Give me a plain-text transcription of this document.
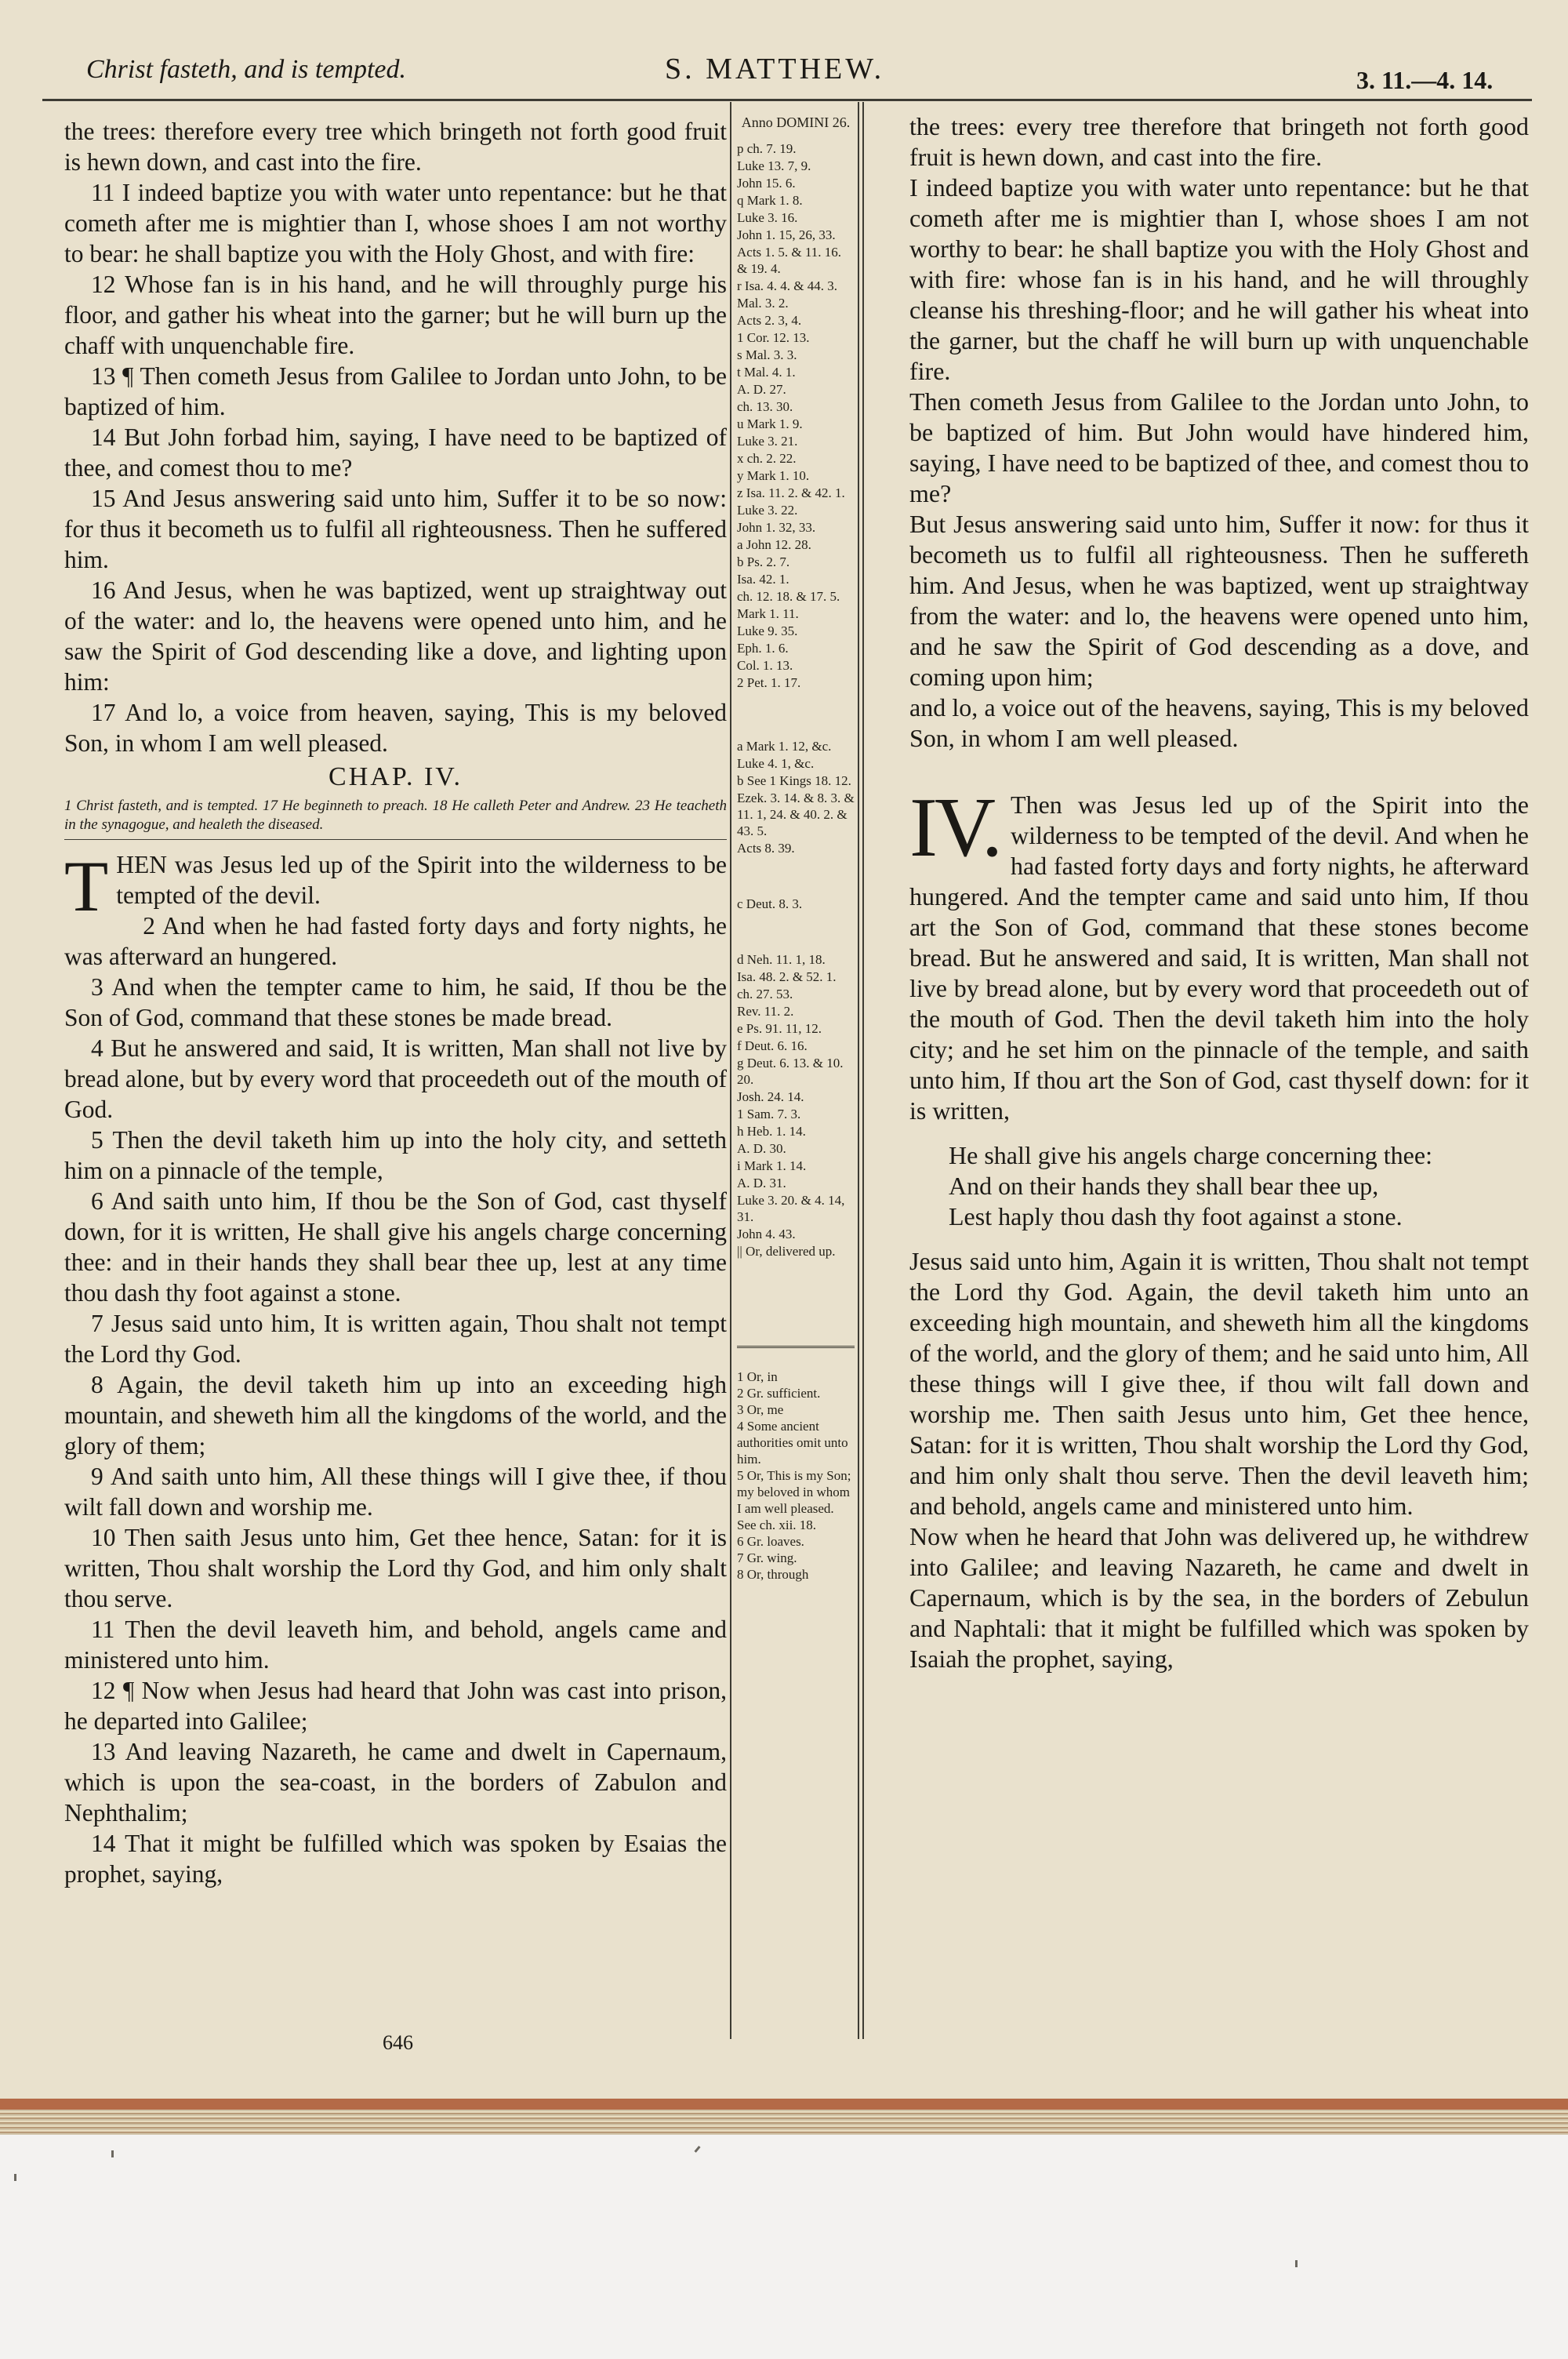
Christ fasteth, and is tempted.	S. MATTHEW.	3. 11.—4. 14.

the trees: therefore every tree which bringeth not forth good fruit is hewn down, and cast into the fire.

11 I indeed baptize you with water unto repentance: but he that cometh after me is mightier than I, whose shoes I am not worthy to bear: he shall baptize you with the Holy Ghost, and with fire:

12 Whose fan is in his hand, and he will throughly purge his floor, and gather his wheat into the garner; but he will burn up the chaff with unquenchable fire.

13 ¶ Then cometh Jesus from Galilee to Jordan unto John, to be baptized of him.

14 But John forbad him, saying, I have need to be baptized of thee, and comest thou to me?

15 And Jesus answering said unto him, Suffer it to be so now: for thus it becometh us to fulfil all righteousness. Then he suffered him.

16 And Jesus, when he was baptized, went up straightway out of the water: and lo, the heavens were opened unto him, and he saw the Spirit of God descending like a dove, and lighting upon him:

17 And lo, a voice from heaven, saying, This is my beloved Son, in whom I am well pleased.

CHAP. IV.
1 Christ fasteth, and is tempted. 17 He beginneth to preach. 18 He calleth Peter and Andrew. 23 He teacheth in the synagogue, and healeth the diseased.

THEN was Jesus led up of the Spirit into the wilderness to be tempted of the devil.

2 And when he had fasted forty days and forty nights, he was afterward an hungered.

3 And when the tempter came to him, he said, If thou be the Son of God, command that these stones be made bread.

4 But he answered and said, It is written, Man shall not live by bread alone, but by every word that proceedeth out of the mouth of God.

5 Then the devil taketh him up into the holy city, and setteth him on a pinnacle of the temple,

6 And saith unto him, If thou be the Son of God, cast thyself down, for it is written, He shall give his angels charge concerning thee: and in their hands they shall bear thee up, lest at any time thou dash thy foot against a stone.

7 Jesus said unto him, It is written again, Thou shalt not tempt the Lord thy God.

8 Again, the devil taketh him up into an exceeding high mountain, and sheweth him all the kingdoms of the world, and the glory of them;

9 And saith unto him, All these things will I give thee, if thou wilt fall down and worship me.

10 Then saith Jesus unto him, Get thee hence, Satan: for it is written, Thou shalt worship the Lord thy God, and him only shalt thou serve.

11 Then the devil leaveth him, and behold, angels came and ministered unto him.

12 ¶ Now when Jesus had heard that John was cast into prison, he departed into Galilee;

13 And leaving Nazareth, he came and dwelt in Capernaum, which is upon the sea-coast, in the borders of Zabulon and Nephthalim;

14 That it might be fulfilled which was spoken by Esaias the prophet, saying,

Anno DOMINI 26.
p ch. 7. 19.
Luke 13. 7, 9.
John 15. 6.
q Mark 1. 8.
Luke 3. 16.
John 1. 15, 26, 33.
Acts 1. 5. & 11. 16. & 19. 4.
r Isa. 4. 4. & 44. 3.
Mal. 3. 2.
Acts 2. 3, 4.
1 Cor. 12. 13.
s Mal. 3. 3.
t Mal. 4. 1.
A. D. 27.
ch. 13. 30.
u Mark 1. 9.
Luke 3. 21.
x ch. 2. 22.
y Mark 1. 10.
z Isa. 11. 2. & 42. 1.
Luke 3. 22.
John 1. 32, 33.
a John 12. 28.
b Ps. 2. 7.
Isa. 42. 1.
ch. 12. 18. & 17. 5.
Mark 1. 11.
Luke 9. 35.
Eph. 1. 6.
Col. 1. 13.
2 Pet. 1. 17.
a Mark 1. 12, &c.
Luke 4. 1, &c.
b See 1 Kings 18. 12.
Ezek. 3. 14. & 8. 3. & 11. 1, 24. & 40. 2. & 43. 5.
Acts 8. 39.
c Deut. 8. 3.
d Neh. 11. 1, 18.
Isa. 48. 2. & 52. 1.
ch. 27. 53.
Rev. 11. 2.
e Ps. 91. 11, 12.
f Deut. 6. 16.
g Deut. 6. 13. & 10. 20.
Josh. 24. 14.
1 Sam. 7. 3.
h Heb. 1. 14.
A. D. 30.
i Mark 1. 14.
A. D. 31.
Luke 3. 20. & 4. 14, 31.
John 4. 43.
|| Or, delivered up.
1 Or, in
2 Gr. sufficient.
3 Or, me
4 Some ancient authorities omit unto him.
5 Or, This is my Son; my beloved in whom I am well pleased. See ch. xii. 18.
6 Gr. loaves.
7 Gr. wing.
8 Or, through

the trees: every tree therefore that bringeth not forth good fruit is hewn down, and cast into the fire.

I indeed baptize you with water unto repentance: but he that cometh after me is mightier than I, whose shoes I am not worthy to bear: he shall baptize you with the Holy Ghost and with fire: whose fan is in his hand, and he will throughly cleanse his threshing-floor; and he will gather his wheat into the garner, but the chaff he will burn up with unquenchable fire.

Then cometh Jesus from Galilee to the Jordan unto John, to be baptized of him. But John would have hindered him, saying, I have need to be baptized of thee, and comest thou to me?

But Jesus answering said unto him, Suffer it now: for thus it becometh us to fulfil all righteousness. Then he suffereth him. And Jesus, when he was baptized, went up straightway from the water: and lo, the heavens were opened unto him, and he saw the Spirit of God descending as a dove, and coming upon him;

and lo, a voice out of the heavens, saying, This is my beloved Son, in whom I am well pleased.

IV. Then was Jesus led up of the Spirit into the wilderness to be tempted of the devil. And when he had fasted forty days and forty nights, he afterward hungered. And the tempter came and said unto him, If thou art the Son of God, command that these stones become bread. But he answered and said, It is written, Man shall not live by bread alone, but by every word that proceedeth out of the mouth of God. Then the devil taketh him into the holy city; and he set him on the pinnacle of the temple, and saith unto him, If thou art the Son of God, cast thyself down: for it is written,

He shall give his angels charge concerning thee:
And on their hands they shall bear thee up,
Lest haply thou dash thy foot against a stone.

Jesus said unto him, Again it is written, Thou shalt not tempt the Lord thy God. Again, the devil taketh him unto an exceeding high mountain, and sheweth him all the kingdoms of the world, and the glory of them; and he said unto him, All these things will I give thee, if thou wilt fall down and worship me. Then saith Jesus unto him, Get thee hence, Satan: for it is written, Thou shalt worship the Lord thy God, and him only shalt thou serve. Then the devil leaveth him; and behold, angels came and ministered unto him.

Now when he heard that John was delivered up, he withdrew into Galilee; and leaving Nazareth, he came and dwelt in Capernaum, which is by the sea, in the borders of Zebulun and Naphtali: that it might be fulfilled which was spoken by Isaiah the prophet, saying,

646
